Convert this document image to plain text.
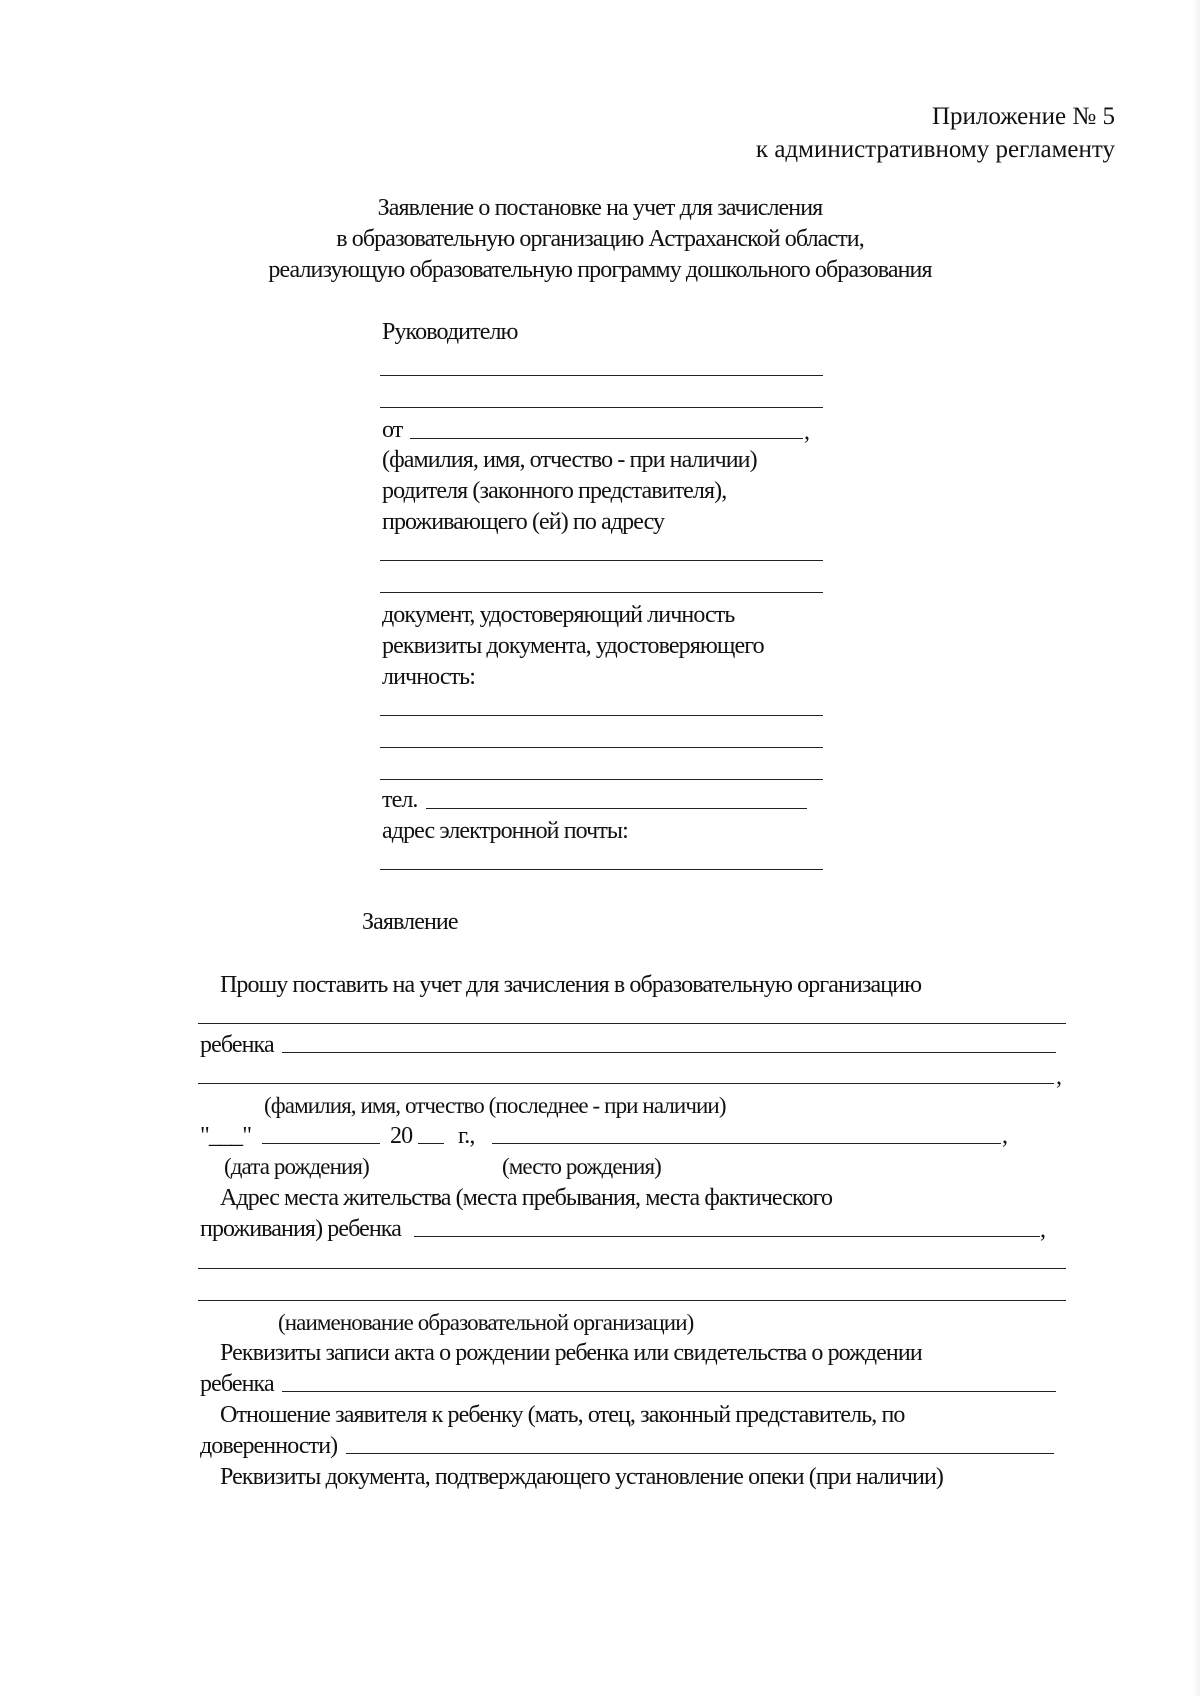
Приложение № 5
к административному регламенту
Заявление о постановке на учет для зачисления
в образовательную организацию Астраханской области,
реализующую образовательную программу дошкольного образования
Руководителю
от	,
(фамилия, имя, отчество - при наличии)
родителя (законного представителя),
проживающего (ей) по адресу
документ, удостоверяющий личность
реквизиты документа, удостоверяющего
личность:
тел.
адрес электронной почты:
Заявление
Прошу поставить на учет для зачисления в образовательную организацию
ребенка
,
(фамилия, имя, отчество (последнее - при наличии)
"___"	20 г.,	,
(дата рождения)	(место рождения)
Адрес места жительства (места пребывания, места фактического
проживания) ребенка	,
(наименование образовательной организации)
Реквизиты записи акта о рождении ребенка или свидетельства о рождении
ребенка
Отношение заявителя к ребенку (мать, отец, законный представитель, по
доверенности)
Реквизиты документа, подтверждающего установление опеки (при наличии)
